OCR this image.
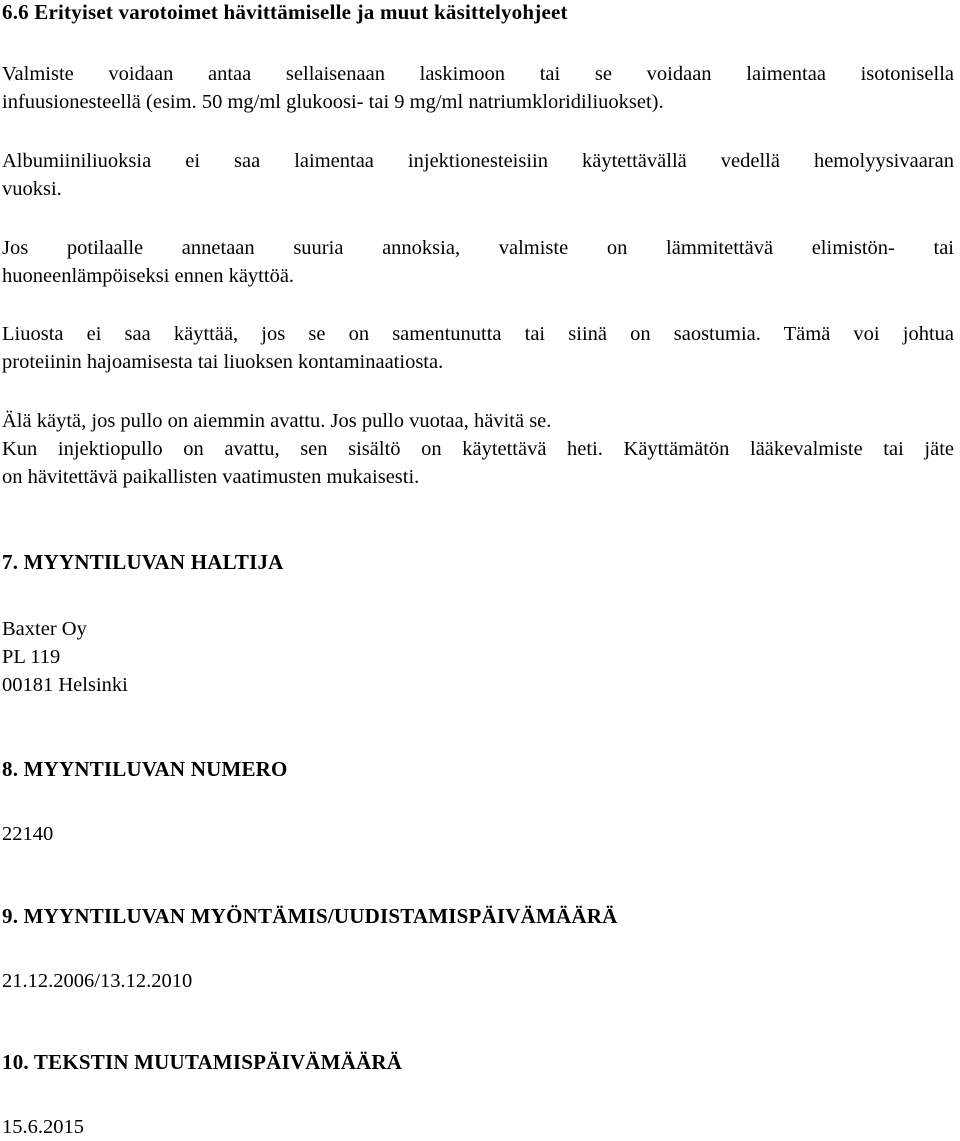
6.6 Erityiset varotoimet hävittämiselle ja muut käsittelyohjeet
Valmiste voidaan antaa sellaisenaan laskimoon tai se voidaan laimentaa isotonisella
infuusionesteellä (esim. 50 mg/ml glukoosi- tai 9 mg/ml natriumkloridiliuokset).
Albumiiniliuoksia ei saa laimentaa injektionesteisiin käytettävällä vedellä hemolyysivaaran
vuoksi.
Jos potilaalle annetaan suuria annoksia, valmiste on lämmitettävä elimistön- tai
huoneenlämpöiseksi ennen käyttöä.
Liuosta ei saa käyttää, jos se on samentunutta tai siinä on saostumia. Tämä voi johtua
proteiinin hajoamisesta tai liuoksen kontaminaatiosta.
Älä käytä, jos pullo on aiemmin avattu. Jos pullo vuotaa, hävitä se.
Kun injektiopullo on avattu, sen sisältö on käytettävä heti. Käyttämätön lääkevalmiste tai jäte
on hävitettävä paikallisten vaatimusten mukaisesti.
7. MYYNTILUVAN HALTIJA
Baxter Oy
PL 119
00181 Helsinki
8. MYYNTILUVAN NUMERO
22140
9. MYYNTILUVAN MYÖNTÄMIS/UUDISTAMISPÄIVÄMÄÄRÄ
21.12.2006/13.12.2010
10. TEKSTIN MUUTAMISPÄIVÄMÄÄRÄ
15.6.2015
